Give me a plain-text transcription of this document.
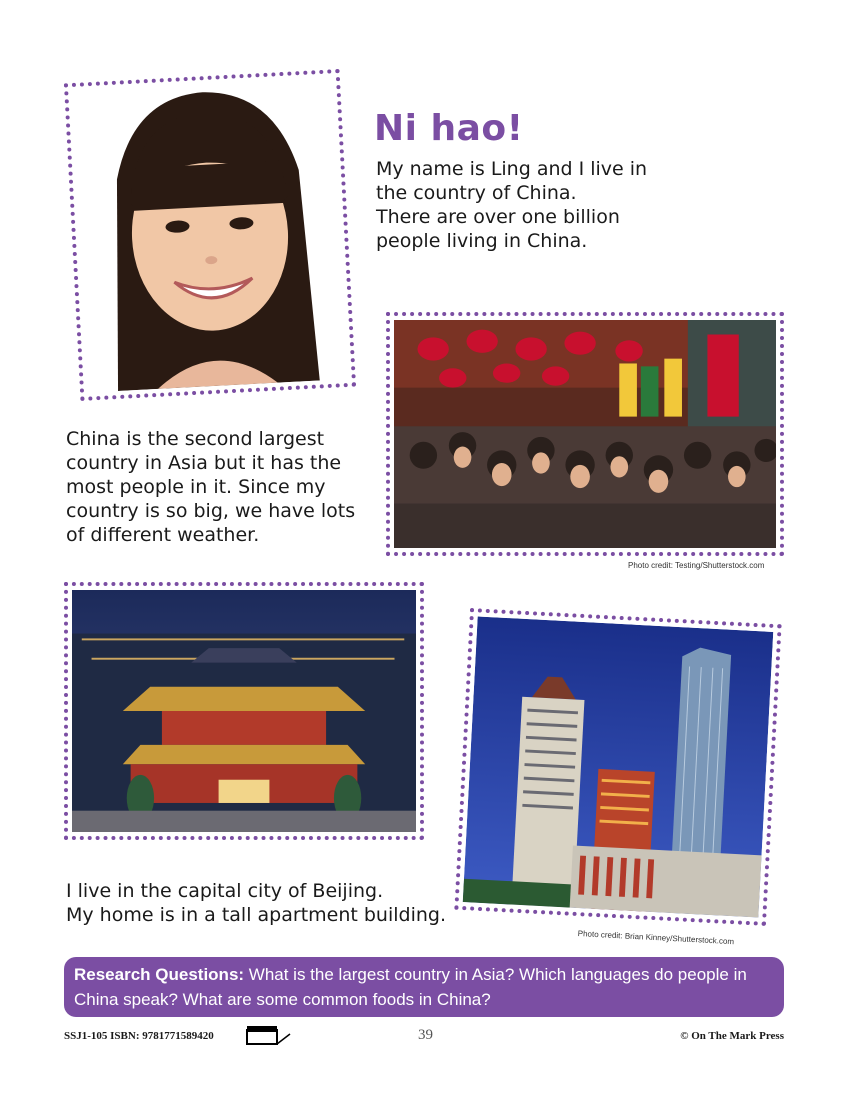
Ni hao!
My name is Ling and I live in
the country of China.
There are over one billion
people living in China.
Photo credit: Testing/Shutterstock.com
China is the second largest
country in Asia but it has the
most people in it. Since my
country is so big, we have lots
of different weather.
Photo credit: Brian Kinney/Shutterstock.com
I live in the capital city of Beijing.
My home is in a tall apartment building.
Research Questions: What is the largest country in Asia? Which languages do people in China speak? What are some common foods in China?
SSJ1-105 ISBN: 9781771589420	39	© On The Mark Press
